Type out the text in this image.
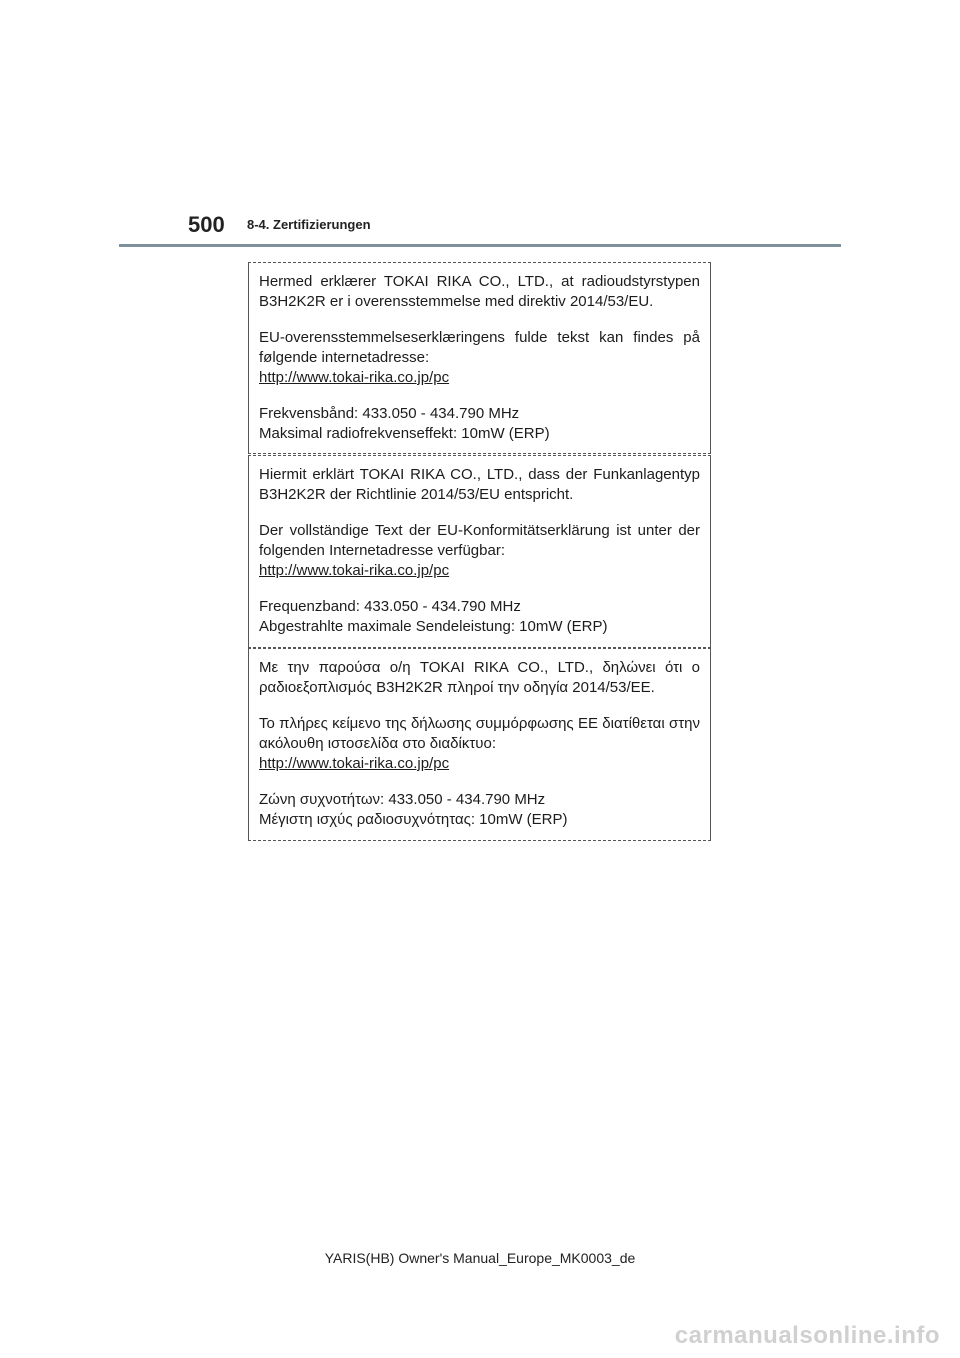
500 8-4. Zertifizierungen

Hermed erklærer TOKAI RIKA CO., LTD., at radioudstyrstypen B3H2K2R er i overensstemmelse med direktiv 2014/53/EU.

EU-overensstemmelseserklæringens fulde tekst kan findes på følgende internetadresse:
http://www.tokai-rika.co.jp/pc

Frekvensbånd: 433.050 - 434.790 MHz
Maksimal radiofrekvenseffekt: 10mW (ERP)

Hiermit erklärt TOKAI RIKA CO., LTD., dass der Funkanlagentyp B3H2K2R der Richtlinie 2014/53/EU entspricht.

Der vollständige Text der EU-Konformitätserklärung ist unter der folgenden Internetadresse verfügbar:
http://www.tokai-rika.co.jp/pc

Frequenzband: 433.050 - 434.790 MHz
Abgestrahlte maximale Sendeleistung: 10mW (ERP)

Με την παρούσα ο/η TOKAI RIKA CO., LTD., δηλώνει ότι ο ραδιοεξοπλισμός B3H2K2R πληροί την οδηγία 2014/53/ΕΕ.

Το πλήρες κείμενο της δήλωσης συμμόρφωσης ΕΕ διατίθεται στην ακόλουθη ιστοσελίδα στο διαδίκτυο:
http://www.tokai-rika.co.jp/pc

Ζώνη συχνοτήτων: 433.050 - 434.790 MHz
Μέγιστη ισχύς ραδιοσυχνότητας: 10mW (ERP)

YARIS(HB) Owner's Manual_Europe_MK0003_de
carmanualsonline.info
